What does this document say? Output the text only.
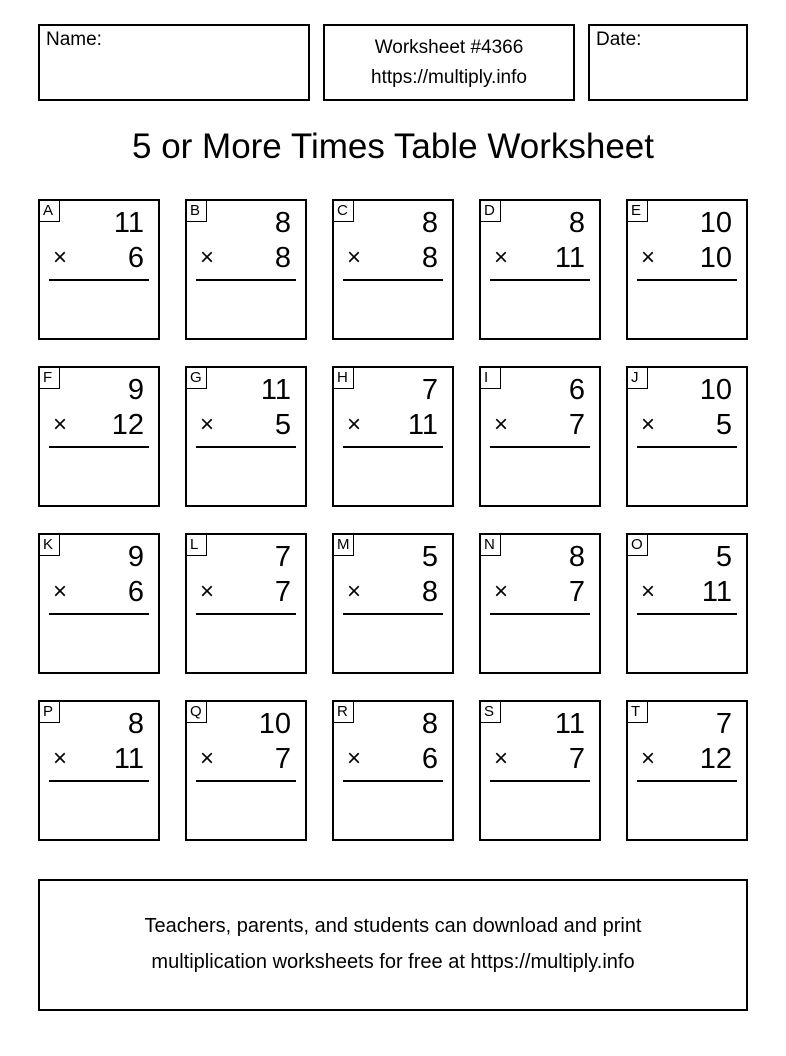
Name:	Worksheet #4366
https://multiply.info
Date:
5 or More Times Table Worksheet
A 11
× 6
B	8
× 8
C	8
× 8
D	8
× 11
E 10
× 10
F	9
× 12
G 11
× 5
H	7
× 11
I	6
× 7
J	10
× 5
K	9
× 6
L	7
× 7
M 5
× 8
N	8
× 7
O	5
× 11
P	8
× 11
Q 10
× 7
R	8
× 6
S 11
× 7
T	7
× 12
Teachers, parents, and students can download and print
multiplication worksheets for free at https://multiply.info
